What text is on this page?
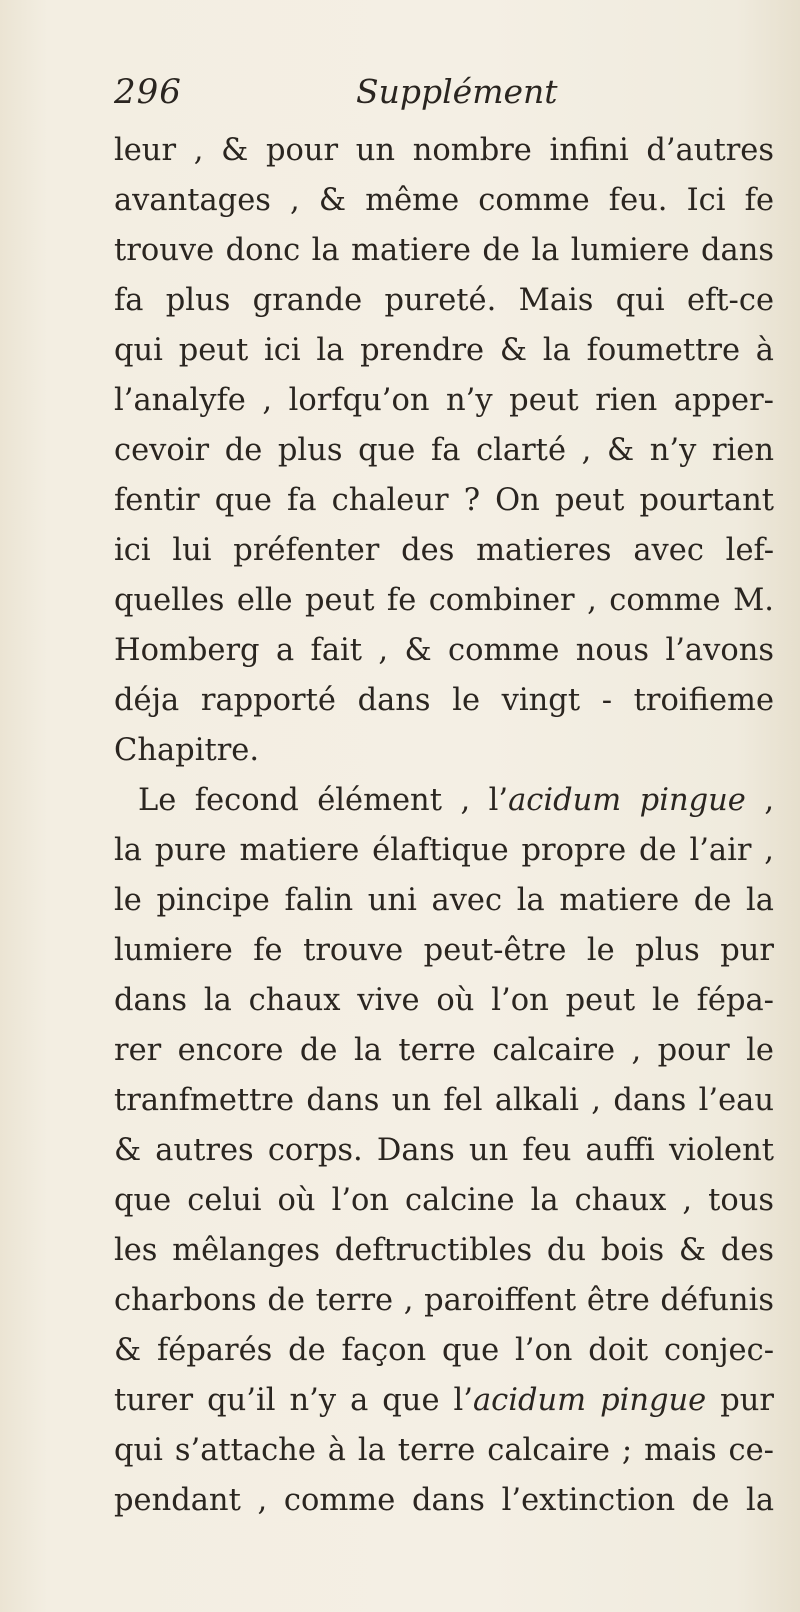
296	Supplément
leur , & pour un nombre infini d’autres
avantages , & même comme feu. Ici fe
trouve donc la matiere de la lumiere dans
fa plus grande pureté. Mais qui eft-ce
qui peut ici la prendre & la foumettre à
l’analyfe , lorfqu’on n’y peut rien apper-
cevoir de plus que fa clarté , & n’y rien
fentir que fa chaleur ? On peut pourtant
ici lui préfenter des matieres avec lef-
quelles elle peut fe combiner , comme M.
Homberg a fait , & comme nous l’avons
déja rapporté dans le vingt - troifieme
Chapitre.
Le fecond élément , l’acidum pingue ,
la pure matiere élaftique propre de l’air ,
le pincipe falin uni avec la matiere de la
lumiere fe trouve peut-être le plus pur
dans la chaux vive où l’on peut le fépa-
rer encore de la terre calcaire , pour le
tranfmettre dans un fel alkali , dans l’eau
& autres corps. Dans un feu auffi violent
que celui où l’on calcine la chaux , tous
les mêlanges deftructibles du bois & des
charbons de terre , paroiffent être défunis
& féparés de façon que l’on doit conjec-
turer qu’il n’y a que l’acidum pingue pur
qui s’attache à la terre calcaire ; mais ce-
pendant , comme dans l’extinction de la
